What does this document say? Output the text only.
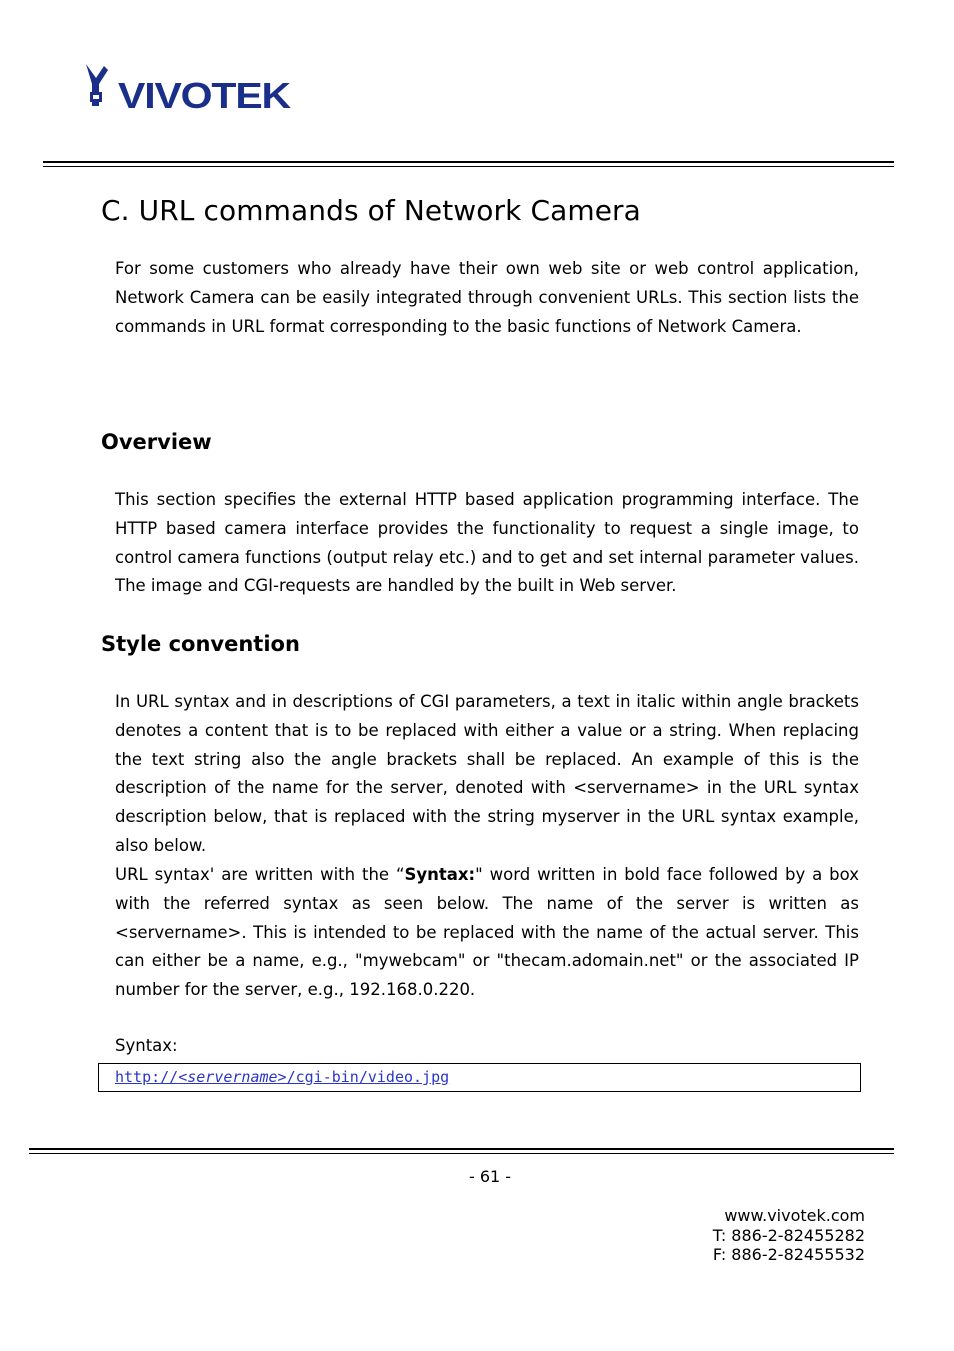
VIVOTEK
C. URL commands of Network Camera

For some customers who already have their own web site or web control application, Network Camera can be easily integrated through convenient URLs. This section lists the commands in URL format corresponding to the basic functions of Network Camera.

Overview

This section specifies the external HTTP based application programming interface. The HTTP based camera interface provides the functionality to request a single image, to control camera functions (output relay etc.) and to get and set internal parameter values. The image and CGI-requests are handled by the built in Web server.

Style convention

In URL syntax and in descriptions of CGI parameters, a text in italic within angle brackets denotes a content that is to be replaced with either a value or a string. When replacing the text string also the angle brackets shall be replaced. An example of this is the description of the name for the server, denoted with <servername> in the URL syntax description below, that is replaced with the string myserver in the URL syntax example, also below.

URL syntax' are written with the “Syntax:" word written in bold face followed by a box with the referred syntax as seen below. The name of the server is written as <servername>. This is intended to be replaced with the name of the actual server. This can either be a name, e.g., "mywebcam" or "thecam.adomain.net" or the associated IP number for the server, e.g., 192.168.0.220.

Syntax:

http://<servername>/cgi-bin/video.jpg

- 61 -

www.vivotek.com
T: 886-2-82455282
F: 886-2-82455532
